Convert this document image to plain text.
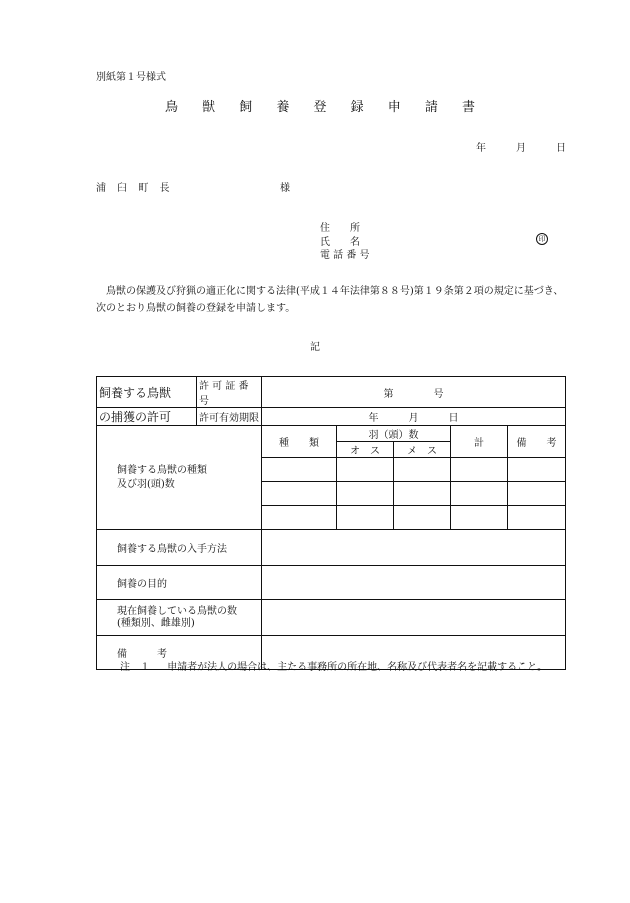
別紙第１号様式
鳥 獣 飼 養 登 録 申 請 書
年	月	日
浦 臼 町 長	様
住　　所
氏　　名
電 話 番 号
印
鳥獣の保護及び狩猟の適正化に関する法律(平成１４年法律第８８号)第１９条第２項の規定に基づき、次のとおり鳥獣の飼養の登録を申請します。
記
飼養する鳥獣	許 可 証 番 号	第　　　　号				
の捕獲の許可	許可有効期限	年　　　月　　　日				

飼養する鳥獣の種類
及び羽(頭)数		種　　類	羽（頭）数		計	備　　考
			オ　ス	メ　ス		

飼養する鳥獣の入手方法						
飼養の目的						

現在飼養している鳥獣の数
(種類別、雌雄別)						

備　　　考						
注　１ 申請者が法人の場合は、主たる事務所の所在地、名称及び代表者名を記載すること。
